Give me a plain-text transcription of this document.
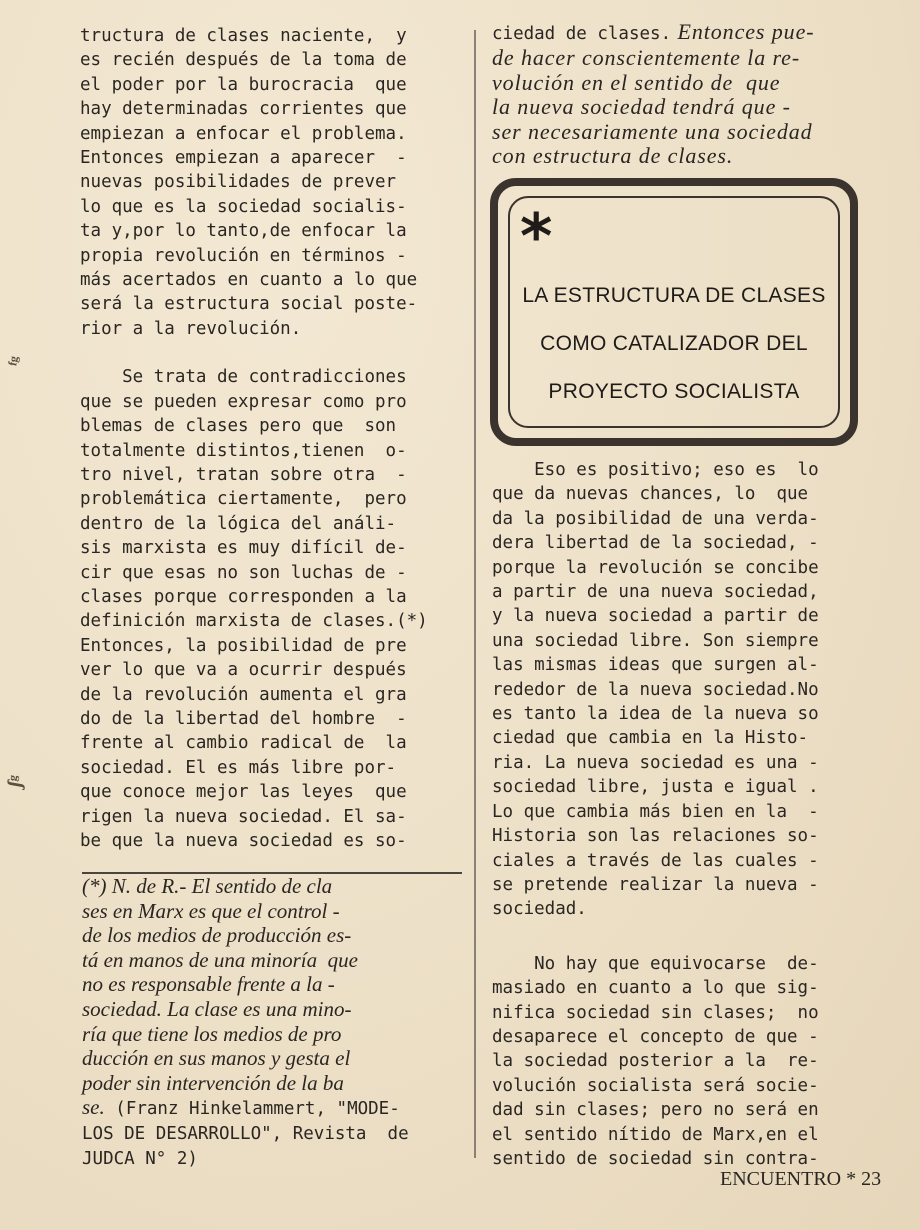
tructura de clases naciente,  y

es recién después de la toma de

el poder por la burocracia  que

hay determinadas corrientes que

empiezan a enfocar el problema.

Entonces empiezan a aparecer  -

nuevas posibilidades de prever

lo que es la sociedad socialis-

ta y,por lo tanto,de enfocar la

propia revolución en términos -

más acertados en cuanto a lo que

será la estructura social poste-

rior a la revolución.

Se trata de contradicciones

que se pueden expresar como pro

blemas de clases pero que  son

totalmente distintos,tienen  o-

tro nivel, tratan sobre otra  -

problemática ciertamente,  pero

dentro de la lógica del análi-

sis marxista es muy difícil de-

cir que esas no son luchas de -

clases porque corresponden a la

definición marxista de clases.(*)

Entonces, la posibilidad de pre

ver lo que va a ocurrir después

de la revolución aumenta el gra

do de la libertad del hombre  -

frente al cambio radical de  la

sociedad. El es más libre por-

que conoce mejor las leyes  que

rigen la nueva sociedad. El sa-

be que la nueva sociedad es so-

(*) N. de R.- El sentido de cla

ses en Marx es que el control -

de los medios de producción es-

tá en manos de una minoría  que

no es responsable frente a la -

sociedad. La clase es una mino-

ría que tiene los medios de pro

ducción en sus manos y gesta el

poder sin intervención de la ba

se. (Franz Hinkelammert, "MODE-

LOS DE DESARROLLO", Revista  de

JUDCA N° 2)

ciedad de clases. Entonces pue-

de hacer conscientemente la re-

volución en el sentido de  que

la nueva sociedad tendrá que -

ser necesariamente una sociedad

con estructura de clases.

*
LA ESTRUCTURA DE CLASES
COMO CATALIZADOR DEL
PROYECTO SOCIALISTA

Eso es positivo; eso es  lo

que da nuevas chances, lo  que

da la posibilidad de una verda-

dera libertad de la sociedad, -

porque la revolución se concibe

a partir de una nueva sociedad,

y la nueva sociedad a partir de

una sociedad libre. Son siempre

las mismas ideas que surgen al-

rededor de la nueva sociedad.No

es tanto la idea de la nueva so

ciedad que cambia en la Histo-

ria. La nueva sociedad es una -

sociedad libre, justa e igual .

Lo que cambia más bien en la  -

Historia son las relaciones so-

ciales a través de las cuales -

se pretende realizar la nueva -

sociedad.

No hay que equivocarse  de-

masiado en cuanto a lo que sig-

nifica sociedad sin clases;  no

desaparece el concepto de que -

la sociedad posterior a la  re-

volución socialista será socie-

dad sin clases; pero no será en

el sentido nítido de Marx,en el

sentido de sociedad sin contra-

ENCUENTRO * 23
ᶠᵍ
ʃᵍ
